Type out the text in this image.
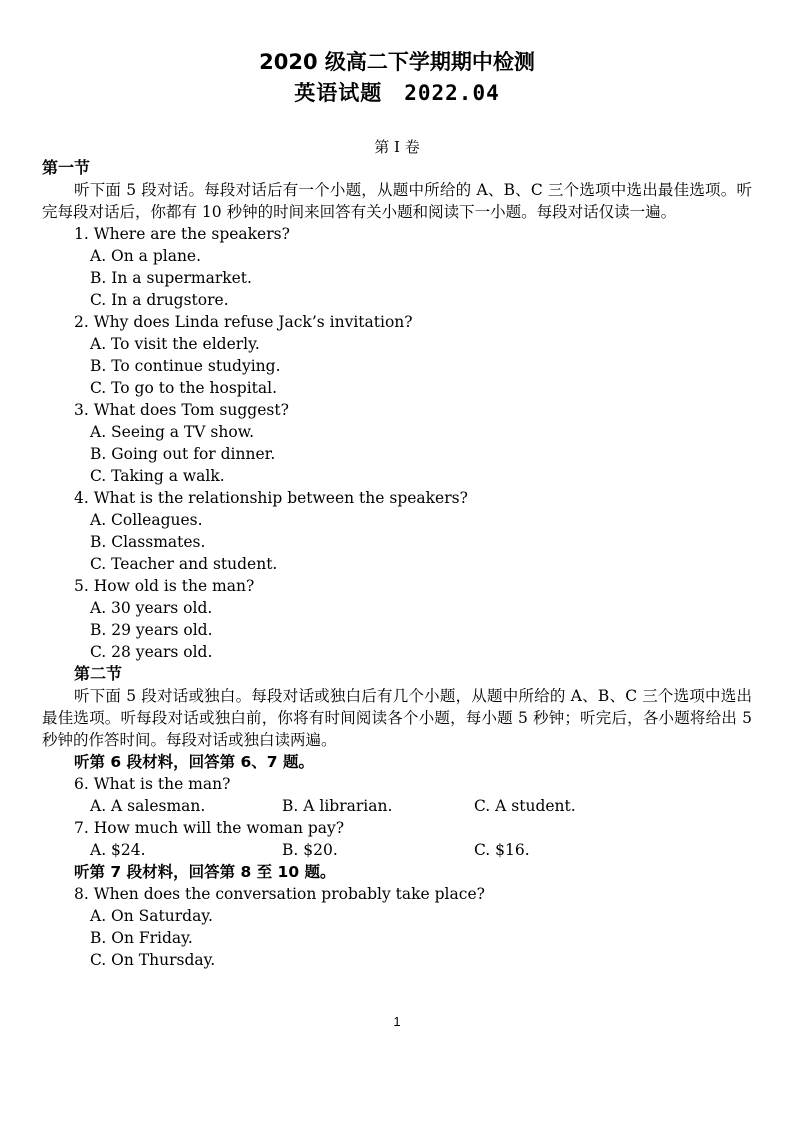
2020 级高二下学期期中检测
英语试题 2022.04
第 I 卷
第一节
听下面 5 段对话。每段对话后有一个小题，从题中所给的 A、B、C 三个选项中选出最佳选项。听完每段对话后，你都有 10 秒钟的时间来回答有关小题和阅读下一小题。每段对话仅读一遍。
1. Where are the speakers?
A. On a plane.
B. In a supermarket.
C. In a drugstore.
2. Why does Linda refuse Jack’s invitation?
A. To visit the elderly.
B. To continue studying.
C. To go to the hospital.
3. What does Tom suggest?
A. Seeing a TV show.
B. Going out for dinner.
C. Taking a walk.
4. What is the relationship between the speakers?
A. Colleagues.
B. Classmates.
C. Teacher and student.
5. How old is the man?
A. 30 years old.
B. 29 years old.
C. 28 years old.
第二节
听下面 5 段对话或独白。每段对话或独白后有几个小题，从题中所给的 A、B、C 三个选项中选出最佳选项。听每段对话或独白前，你将有时间阅读各个小题，每小题 5 秒钟；听完后，各小题将给出 5 秒钟的作答时间。每段对话或独白读两遍。
听第 6 段材料，回答第 6、7 题。
6. What is the man?
A. A salesman.	B. A librarian.	C. A student.
7. How much will the woman pay?
A. $24.	B. $20.	C. $16.
听第 7 段材料，回答第 8 至 10 题。
8. When does the conversation probably take place?
A. On Saturday.
B. On Friday.
C. On Thursday.
1
